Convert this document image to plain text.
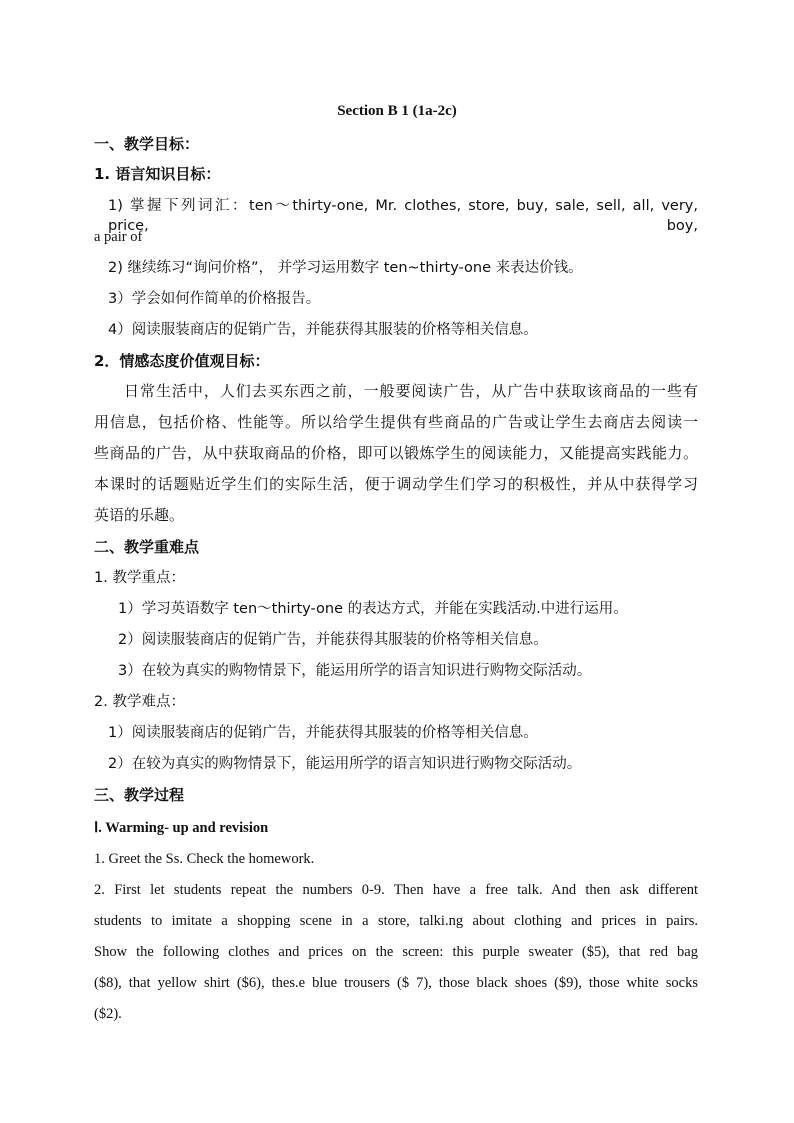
Section B 1 (1a-2c)
一、教学目标：
1. 语言知识目标：
1) 掌握下列词汇：ten～thirty-one, Mr. clothes, store, buy, sale, sell, all, very, price, boy,
a pair of
2) 继续练习“询问价格”， 并学习运用数字 ten~thirty-one 来表达价钱。
3）学会如何作简单的价格报告。
4）阅读服装商店的促销广告，并能获得其服装的价格等相关信息。
2．情感态度价值观目标：
日常生活中，人们去买东西之前，一般要阅读广告，从广告中获取该商品的一些有
用信息，包括价格、性能等。所以给学生提供有些商品的广告或让学生去商店去阅读一
些商品的广告，从中获取商品的价格，即可以锻炼学生的阅读能力，又能提高实践能力。
本课时的话题贴近学生们的实际生活，便于调动学生们学习的积极性，并从中获得学习
英语的乐趣。
二、教学重难点
1. 教学重点：
1）学习英语数字 ten～thirty-one 的表达方式，并能在实践活动.中进行运用。
2）阅读服装商店的促销广告，并能获得其服装的价格等相关信息。
3）在较为真实的购物情景下，能运用所学的语言知识进行购物交际活动。
2. 教学难点：
1）阅读服装商店的促销广告，并能获得其服装的价格等相关信息。
2）在较为真实的购物情景下，能运用所学的语言知识进行购物交际活动。
三、教学过程
Ⅰ. Warming- up and revision
1. Greet the Ss. Check the homework.
2. First let students repeat the numbers 0-9. Then have a free talk. And then ask different
students to imitate a shopping scene in a store, talki.ng about clothing and prices in pairs.
Show the following clothes and prices on the screen: this purple sweater ($5), that red bag
($8), that yellow shirt ($6), thes.e blue trousers ($ 7), those black shoes ($9), those white socks
($2).
